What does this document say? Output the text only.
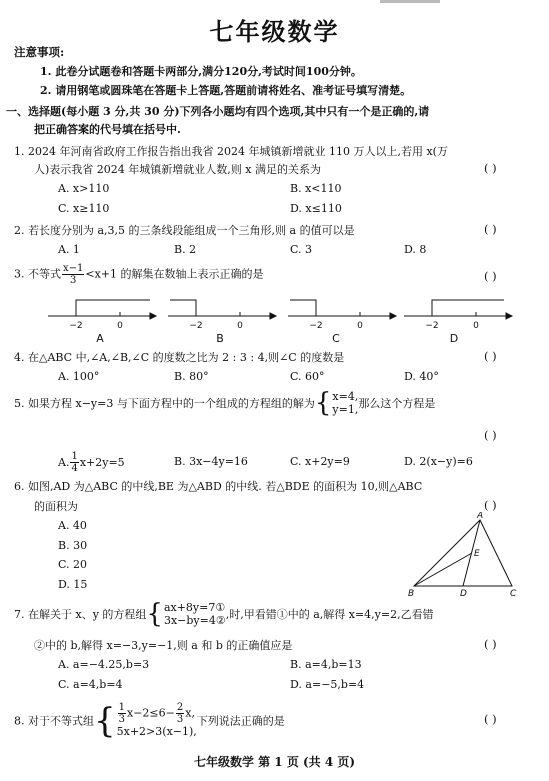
七年级数学
注意事项:
1. 此卷分试题卷和答题卡两部分,满分120分,考试时间100分钟。
2. 请用钢笔或圆珠笔在答题卡上答题,答题前请将姓名、准考证号填写清楚。
一、选择题(每小题 3 分,共 30 分)下列各小题均有四个选项,其中只有一个是正确的,请
把正确答案的代号填在括号中.
1. 2024 年河南省政府工作报告指出我省 2024 年城镇新增就业 110 万人以上,若用 x(万
人)表示我省 2024 年城镇新增就业人数,则 x 满足的关系为	( )
A. x>110	B. x<110
C. x≥110	D. x≤110
2. 若长度分别为 a,3,5 的三条线段能组成一个三角形,则 a 的值可以是	( )
A. 1	B. 2	C. 3	D. 8
3. 不等式 $\frac{x-1}{3} <x+1$ 的解集在数轴上表示正确的是	( )
−2	0	−2	0	−2	0	−2	0
A	B	C	D
4. 在△ABC 中,∠A,∠B,∠C 的度数之比为 2 : 3 : 4,则∠C 的度数是	( )
A. 100°	B. 80°	C. 60°	D. 40°
5. 如果方程 x−y=3 与下面方程中的一个组成的方程组的解为{ x=4,
y=1, 那么这个方程是
( )
A. $\frac{1}{4} x+2y=5$	B. 3x−4y=16	C. x+2y=9	D. 2(x−y)=6
6. 如图,AD 为△ABC 的中线,BE 为△ABD 的中线. 若△BDE 的面积为 10,则△ABC
的面积为	( )
A. 40
B. 30
C. 20
D. 15
A
E
B	D	C
7. 在解关于 x、y 的方程组{ ax+8y=7①
3x−by=4② ,时,甲看错①中的 a,解得 x=4,y=2,乙看错
②中的 b,解得 x=−3,y=−1,则 a 和 b 的正确值应是	( )
A. a=−4.25,b=3	B. a=4,b=13
C. a=4,b=4	D. a=−5,b=4
8. 对于不等式组{ $\frac{1}{3} x-2\le 6- \frac{2}{3} x$,
5x+2>3(x−1),
下列说法正确的是	( )
七年级数学 第 1 页 (共 4 页)
